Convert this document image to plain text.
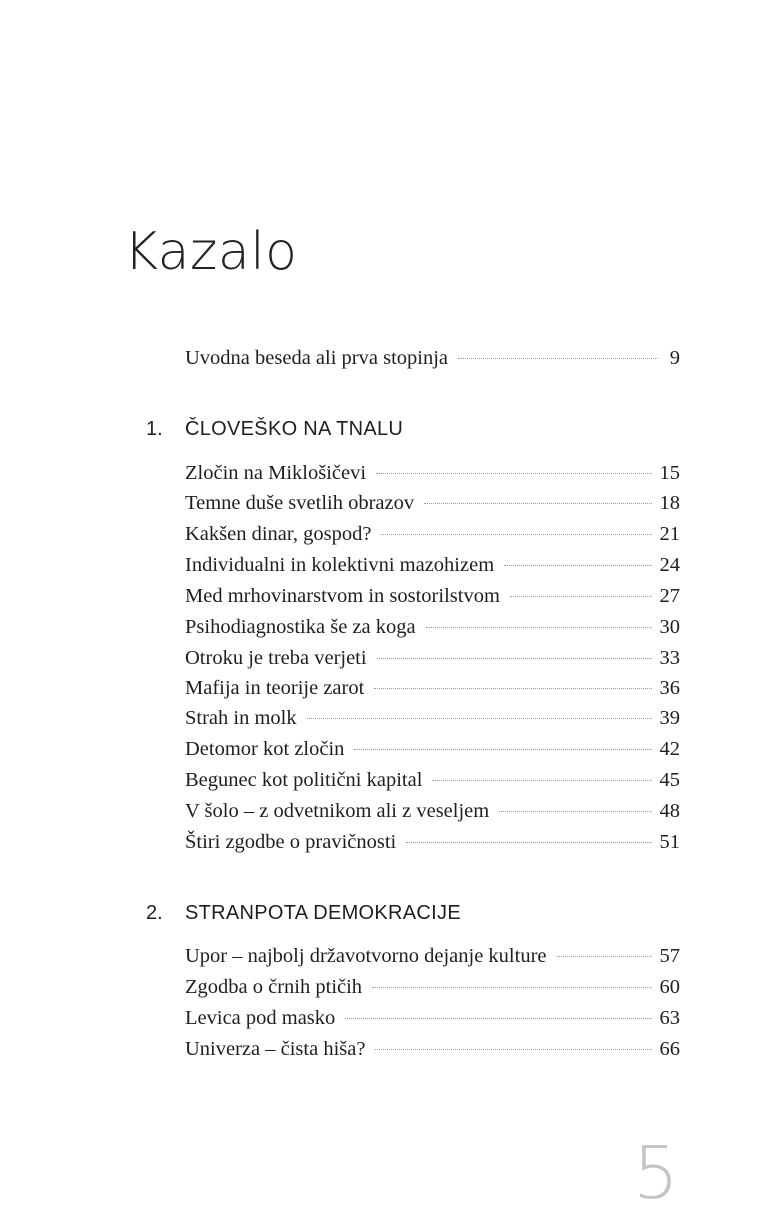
Kazalo
Uvodna beseda ali prva stopinja	9
1. ČLOVEŠKO NA TNALU
Zločin na Miklošičevi	15
Temne duše svetlih obrazov	18
Kakšen dinar, gospod?	21
Individualni in kolektivni mazohizem	24
Med mrhovinarstvom in sostorilstvom	27
Psihodiagnostika še za koga	30
Otroku je treba verjeti	33
Mafija in teorije zarot	36
Strah in molk	39
Detomor kot zločin	42
Begunec kot politični kapital	45
V šolo – z odvetnikom ali z veseljem	48
Štiri zgodbe o pravičnosti	51
2. STRANPOTA DEMOKRACIJE
Upor – najbolj državotvorno dejanje kulture	57
Zgodba o črnih ptičih	60
Levica pod masko	63
Univerza – čista hiša?	66
5
